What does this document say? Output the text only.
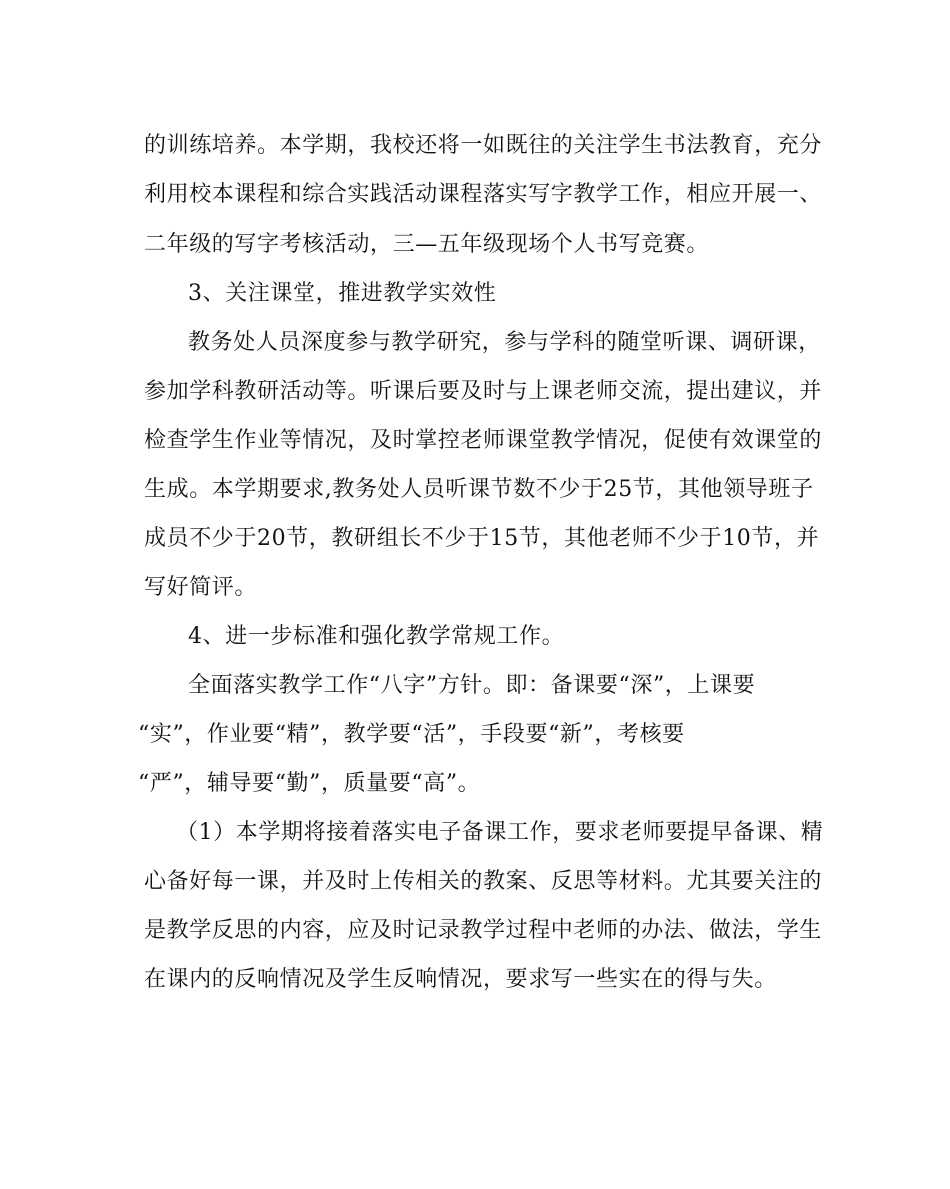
的训练培养。本学期，我校还将一如既往的关注学生书法教育，充分

利用校本课程和综合实践活动课程落实写字教学工作，相应开展一、

二年级的写字考核活动，三—五年级现场个人书写竞赛。

3、关注课堂，推进教学实效性

教务处人员深度参与教学研究，参与学科的随堂听课、调研课，

参加学科教研活动等。听课后要及时与上课老师交流，提出建议，并

检查学生作业等情况，及时掌控老师课堂教学情况，促使有效课堂的

生成。本学期要求,教务处人员听课节数不少于25节，其他领导班子

成员不少于20节，教研组长不少于15节，其他老师不少于10节，并

写好简评。

4、进一步标准和强化教学常规工作。

全面落实教学工作“八字”方针。即：备课要“深”，上课要

“实”，作业要“精”，教学要“活”，手段要“新”，考核要

“严”，辅导要“勤”，质量要“高”。

（1）本学期将接着落实电子备课工作，要求老师要提早备课、精

心备好每一课，并及时上传相关的教案、反思等材料。尤其要关注的

是教学反思的内容，应及时记录教学过程中老师的办法、做法，学生

在课内的反响情况及学生反响情况，要求写一些实在的得与失。
